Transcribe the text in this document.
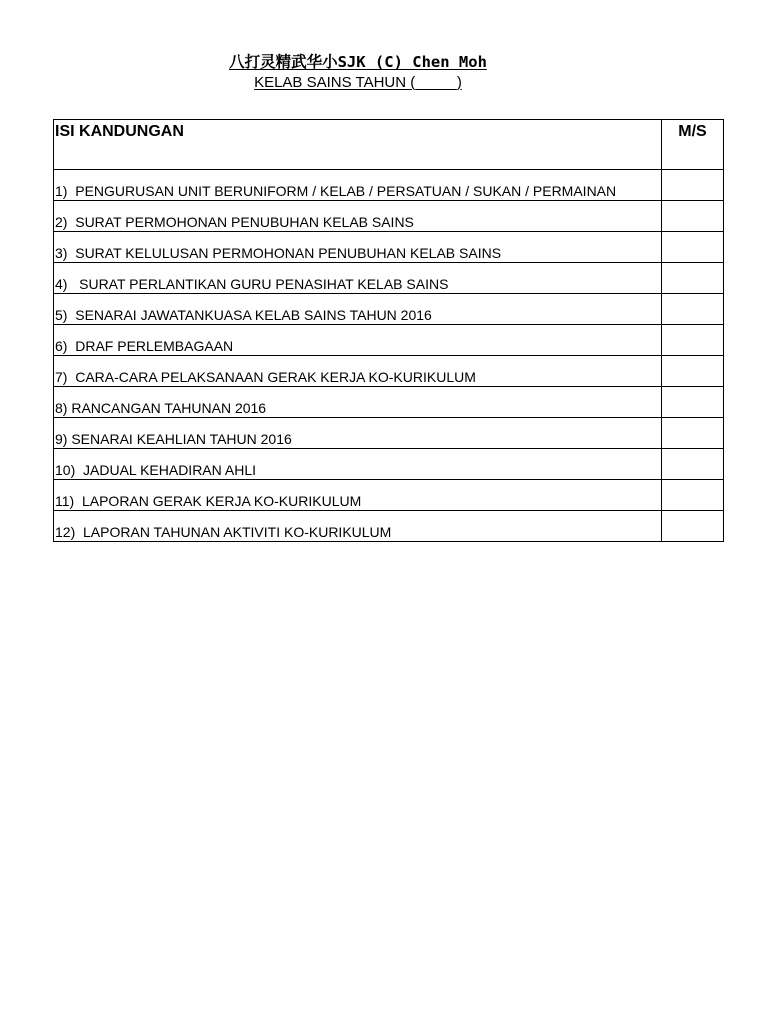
八打灵精武华小SJK (C) Chen Moh
KELAB SAINS TAHUN (	)
ISI KANDUNGAN	M/S

1)  PENGURUSAN UNIT BERUNIFORM / KELAB / PERSATUAN / SUKAN / PERMAINAN	

2)  SURAT PERMOHONAN PENUBUHAN KELAB SAINS	

3)  SURAT KELULUSAN PERMOHONAN PENUBUHAN KELAB SAINS	

4)   SURAT PERLANTIKAN GURU PENASIHAT KELAB SAINS	

5)  SENARAI JAWATANKUASA KELAB SAINS TAHUN 2016	

6)  DRAF PERLEMBAGAAN	

7)  CARA-CARA PELAKSANAAN GERAK KERJA KO-KURIKULUM	

8) RANCANGAN TAHUNAN 2016	

9) SENARAI KEAHLIAN TAHUN 2016	

10)  JADUAL KEHADIRAN AHLI	

11)  LAPORAN GERAK KERJA KO-KURIKULUM	

12)  LAPORAN TAHUNAN AKTIVITI KO-KURIKULUM	
